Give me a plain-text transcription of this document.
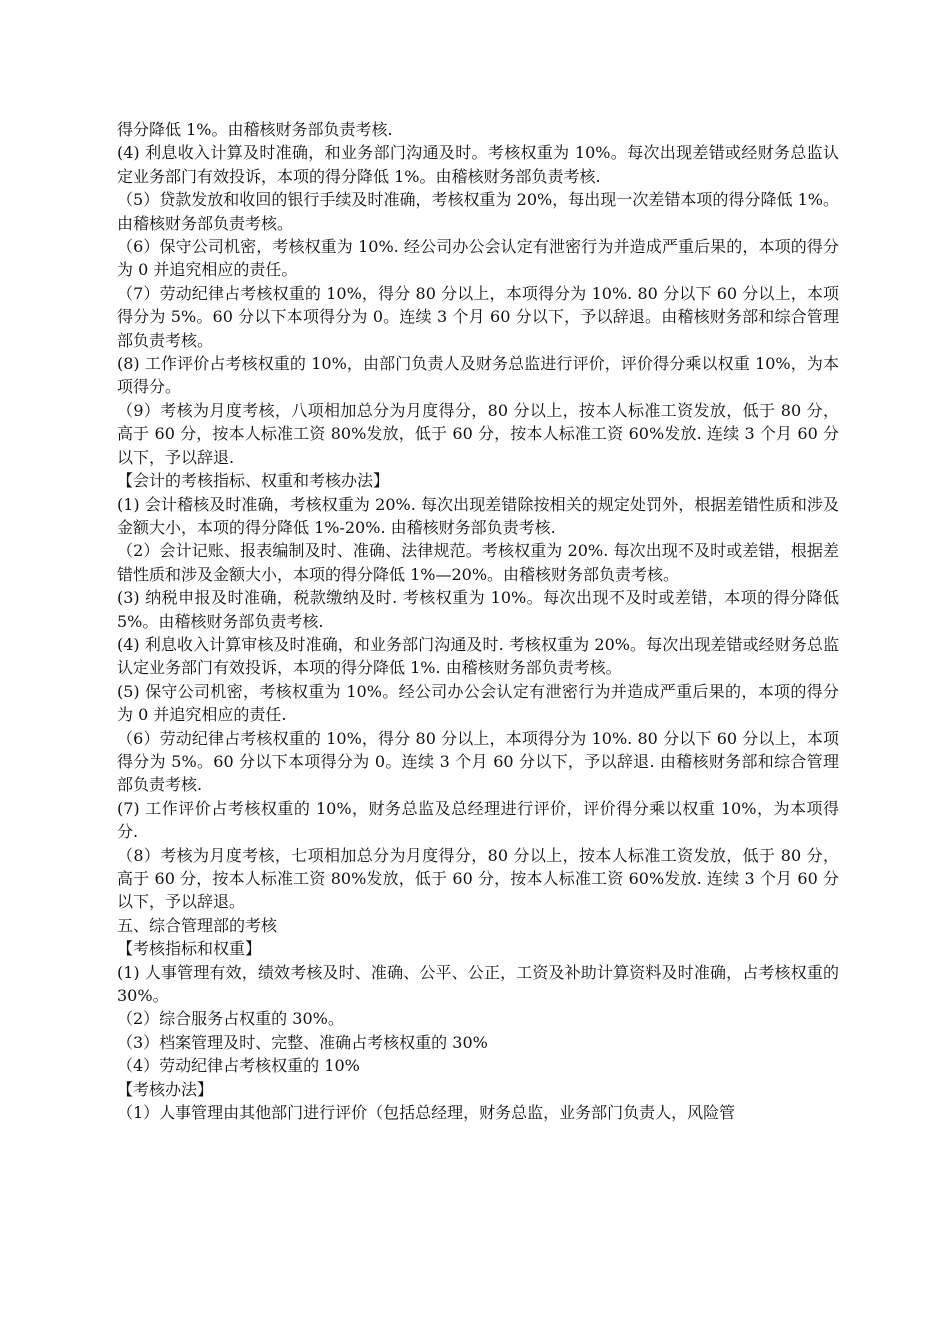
得分降低 1%。由稽核财务部负责考核.

(4) 利息收入计算及时准确，和业务部门沟通及时。考核权重为 10%。每次出现差错或经财务总监认定业务部门有效投诉，本项的得分降低 1%。由稽核财务部负责考核.

（5）贷款发放和收回的银行手续及时准确，考核权重为 20%，每出现一次差错本项的得分降低 1%。由稽核财务部负责考核。

（6）保守公司机密，考核权重为 10%. 经公司办公会认定有泄密行为并造成严重后果的，本项的得分为 0 并追究相应的责任。

（7）劳动纪律占考核权重的 10%，得分 80 分以上，本项得分为 10%. 80 分以下 60 分以上，本项得分为 5%。60 分以下本项得分为 0。连续 3 个月 60 分以下，予以辞退。由稽核财务部和综合管理部负责考核。

(8) 工作评价占考核权重的 10%，由部门负责人及财务总监进行评价，评价得分乘以权重 10%，为本项得分。

（9）考核为月度考核，八项相加总分为月度得分，80 分以上，按本人标准工资发放，低于 80 分，高于 60 分，按本人标准工资 80%发放，低于 60 分，按本人标准工资 60%发放. 连续 3 个月 60 分以下，予以辞退.

【会计的考核指标、权重和考核办法】

(1) 会计稽核及时准确，考核权重为 20%. 每次出现差错除按相关的规定处罚外，根据差错性质和涉及金额大小，本项的得分降低 1%-20%. 由稽核财务部负责考核.

（2）会计记账、报表编制及时、准确、法律规范。考核权重为 20%. 每次出现不及时或差错，根据差错性质和涉及金额大小，本项的得分降低 1%—20%。由稽核财务部负责考核。

(3) 纳税申报及时准确，税款缴纳及时. 考核权重为 10%。每次出现不及时或差错，本项的得分降低 5%。由稽核财务部负责考核.

(4) 利息收入计算审核及时准确，和业务部门沟通及时. 考核权重为 20%。每次出现差错或经财务总监认定业务部门有效投诉，本项的得分降低 1%. 由稽核财务部负责考核。

(5) 保守公司机密，考核权重为 10%。经公司办公会认定有泄密行为并造成严重后果的，本项的得分为 0 并追究相应的责任.

（6）劳动纪律占考核权重的 10%，得分 80 分以上，本项得分为 10%. 80 分以下 60 分以上，本项得分为 5%。60 分以下本项得分为 0。连续 3 个月 60 分以下，予以辞退. 由稽核财务部和综合管理部负责考核.

(7) 工作评价占考核权重的 10%，财务总监及总经理进行评价，评价得分乘以权重 10%，为本项得分.

（8）考核为月度考核，七项相加总分为月度得分，80 分以上，按本人标准工资发放，低于 80 分，高于 60 分，按本人标准工资 80%发放，低于 60 分，按本人标准工资 60%发放. 连续 3 个月 60 分以下，予以辞退。

五、综合管理部的考核

【考核指标和权重】

(1) 人事管理有效，绩效考核及时、准确、公平、公正，工资及补助计算资料及时准确，占考核权重的 30%。

（2）综合服务占权重的 30%。

（3）档案管理及时、完整、准确占考核权重的 30%

（4）劳动纪律占考核权重的 10%

【考核办法】

（1）人事管理由其他部门进行评价（包括总经理，财务总监，业务部门负责人，风险管
